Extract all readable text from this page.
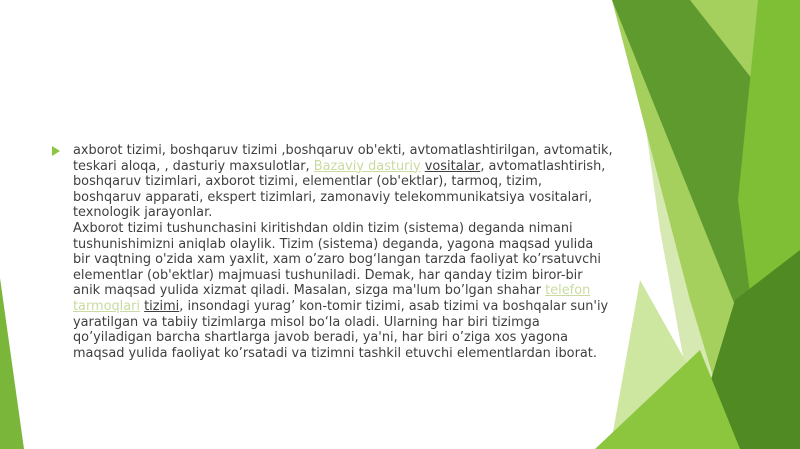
axborot tizimi, boshqaruv tizimi ,boshqaruv ob'ekti, avtomatlashtirilgan, avtomatik, teskari aloqa, , dasturiy maxsulotlar, Bazaviy dasturiy vositalar, avtomatlashtirish, boshqaruv tizimlari, axborot tizimi, elementlar (ob'ektlar), tarmoq, tizim, boshqaruv apparati, ekspert tizimlari, zamonaviy telekommunikatsiya vositalari, texnologik jarayonlar.
Axborot tizimi tushunchasini kiritishdan oldin tizim (sistema) deganda nimani tushunishimizni aniqlab olaylik. Tizim (sistema) deganda, yagona maqsad yulida bir vaqtning o'zida xam yaxlit, xam o’zaro bog‘langan tarzda faoliyat ko’rsatuvchi elementlar (ob'ektlar) majmuasi tushuniladi. Demak, har qanday tizim biror-bir anik maqsad yulida xizmat qiladi. Masalan, sizga ma'lum bo’lgan shahar telefon tarmoqlari tizimi, insondagi yurag’ kon-tomir tizimi, asab tizimi va boshqalar sun'iy yaratilgan va tabiiy tizimlarga misol bo‘la oladi. Ularning har biri tizimga qo’yiladigan barcha shartlarga javob beradi, ya'ni, har biri o’ziga xos yagona maqsad yulida faoliyat ko’rsatadi va tizimni tashkil etuvchi elementlardan iborat.
